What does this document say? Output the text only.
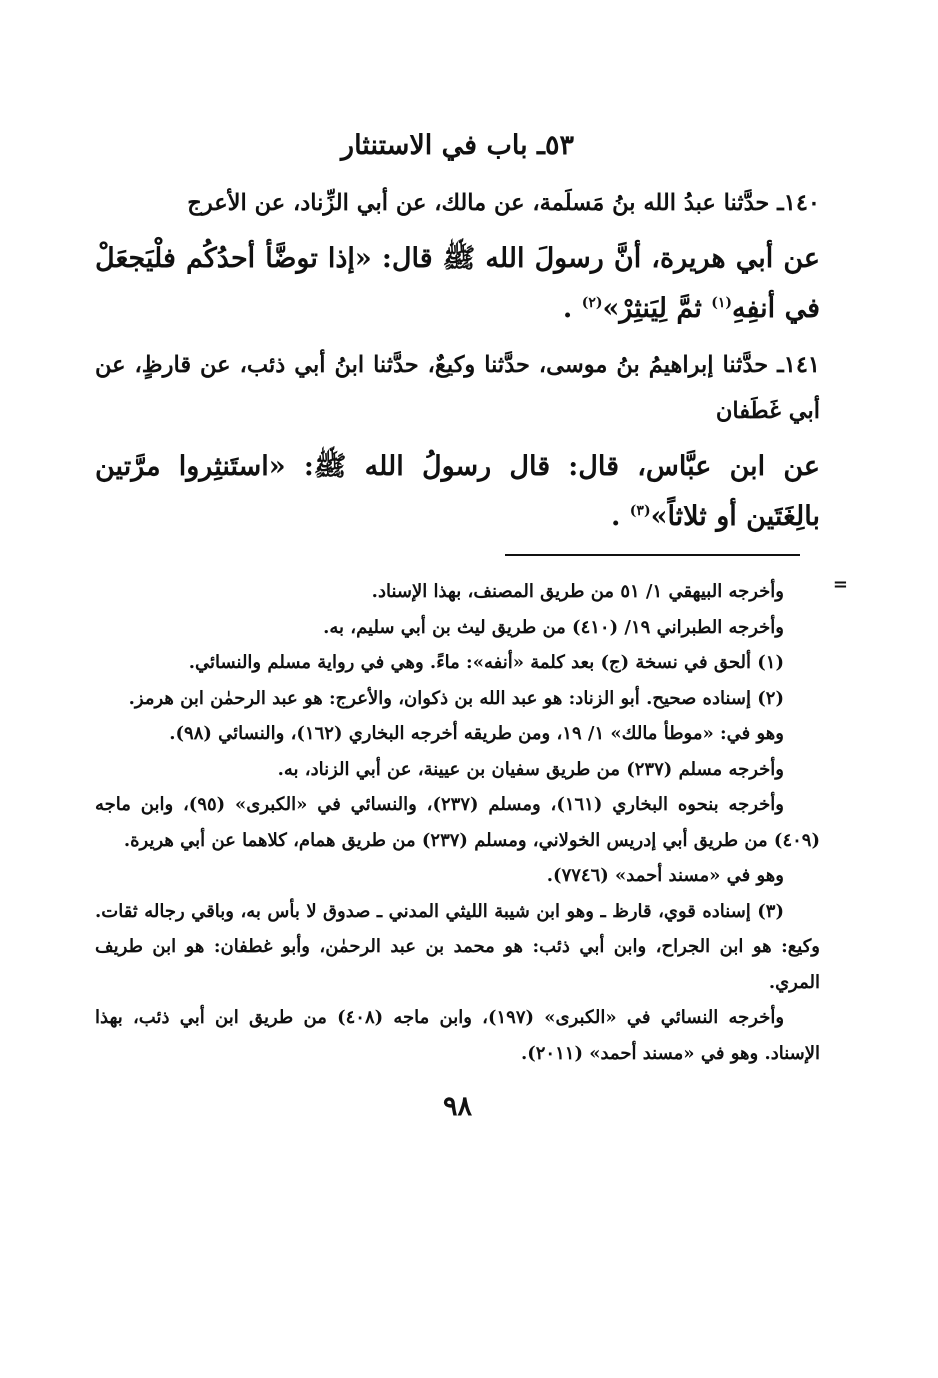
٥٣ـ باب في الاستنثار

١٤٠ـ حدَّثنا عبدُ الله بنُ مَسلَمة، عن مالك، عن أبي الزِّناد، عن الأعرج

عن أبي هريرة، أنَّ رسولَ الله ﷺ قال: «إذا توضَّأ أحدُكُم فلْيَجعَلْ في أنفِهِ$^{(١)}$ ثمَّ لِيَنثِرْ»$^{(٢)}$ .

١٤١ـ حدَّثنا إبراهيمُ بنُ موسى، حدَّثنا وكيعٌ، حدَّثنا ابنُ أبي ذئب، عن قارظٍ، عن أبي غَطَفان

عن ابن عبَّاس، قال: قال رسولُ الله ﷺ: «استَنثِروا مرَّتين بالِغَتَين أو ثلاثاً»$^{(٣)}$ .

=

وأخرجه البيهقي ١/ ٥١ من طريق المصنف، بهذا الإسناد.

وأخرجه الطبراني ١٩/ (٤١٠) من طريق ليث بن أبي سليم، به.

(١) ألحق في نسخة (ج) بعد كلمة «أنفه»: ماءً. وهي في رواية مسلم والنسائي.

(٢) إسناده صحيح. أبو الزناد: هو عبد الله بن ذكوان، والأعرج: هو عبد الرحمٰن ابن هرمز.

وهو في: «موطأ مالك» ١/ ١٩، ومن طريقه أخرجه البخاري (١٦٢)، والنسائي (٩٨).

وأخرجه مسلم (٢٣٧) من طريق سفيان بن عيينة، عن أبي الزناد، به.

وأخرجه بنحوه البخاري (١٦١)، ومسلم (٢٣٧)، والنسائي في «الكبرى» (٩٥)، وابن ماجه (٤٠٩) من طريق أبي إدريس الخولاني، ومسلم (٢٣٧) من طريق همام، كلاهما عن أبي هريرة.

وهو في «مسند أحمد» (٧٧٤٦).

(٣) إسناده قوي، قارظ ـ وهو ابن شيبة الليثي المدني ـ صدوق لا بأس به، وباقي رجاله ثقات. وكيع: هو ابن الجراح، وابن أبي ذئب: هو محمد بن عبد الرحمٰن، وأبو غطفان: هو ابن طريف المري.

وأخرجه النسائي في «الكبرى» (١٩٧)، وابن ماجه (٤٠٨) من طريق ابن أبي ذئب، بهذا الإسناد. وهو في «مسند أحمد» (٢٠١١).

٩٨
